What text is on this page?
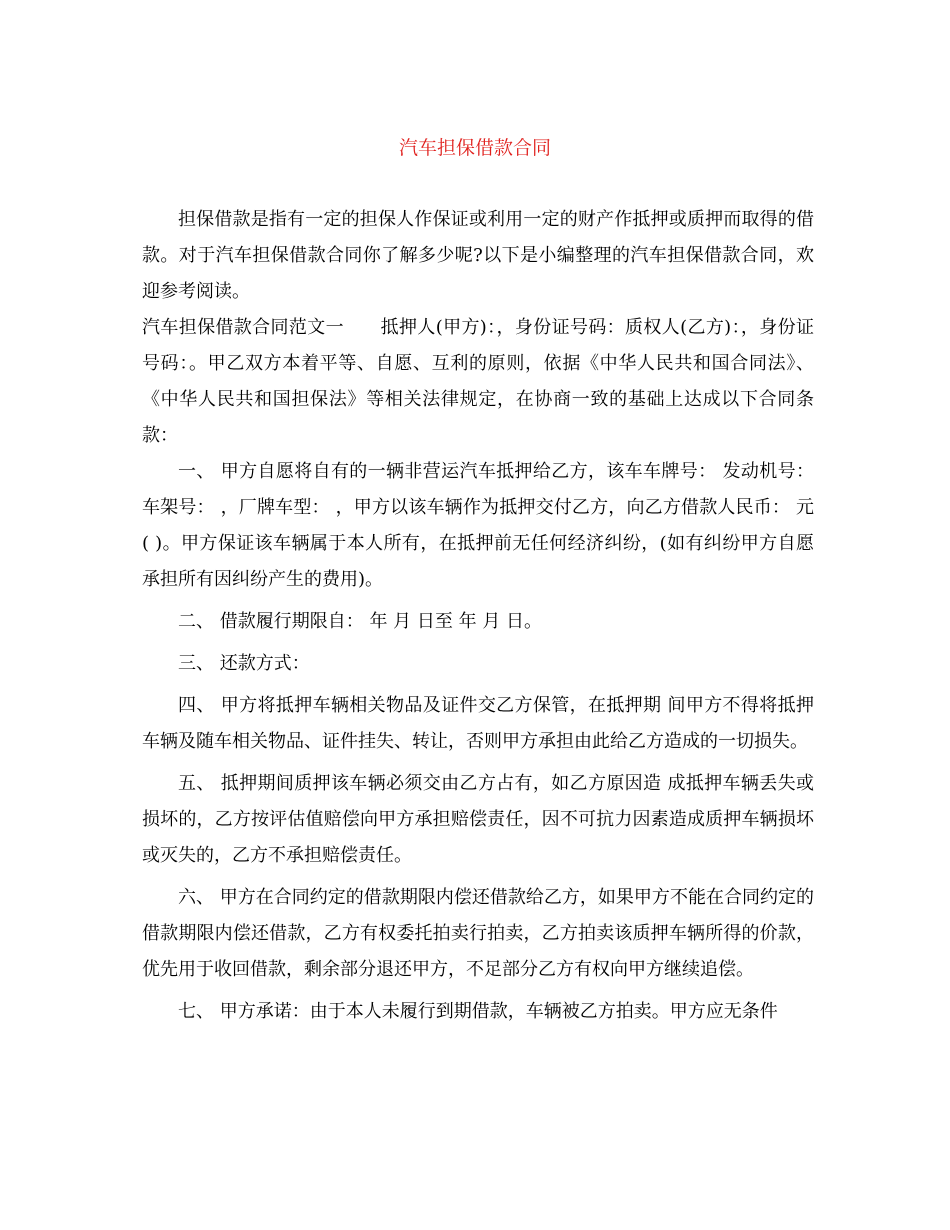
汽车担保借款合同

担保借款是指有一定的担保人作保证或利用一定的财产作抵押或质押而取得的借款。对于汽车担保借款合同你了解多少呢?以下是小编整理的汽车担保借款合同，欢迎参考阅读。

汽车担保借款合同范文一　　抵押人(甲方)：，身份证号码：质权人(乙方)：，身份证号码：。甲乙双方本着平等、自愿、互利的原则，依据《中华人民共和国合同法》、《中华人民共和国担保法》等相关法律规定，在协商一致的基础上达成以下合同条款：

一、 甲方自愿将自有的一辆非营运汽车抵押给乙方，该车车牌号： 发动机号： 车架号： ，厂牌车型： ，甲方以该车辆作为抵押交付乙方，向乙方借款人民币： 元( )。甲方保证该车辆属于本人所有，在抵押前无任何经济纠纷，(如有纠纷甲方自愿承担所有因纠纷产生的费用)。

二、 借款履行期限自： 年 月 日至 年 月 日。

三、 还款方式：

四、 甲方将抵押车辆相关物品及证件交乙方保管，在抵押期 间甲方不得将抵押车辆及随车相关物品、证件挂失、转让，否则甲方承担由此给乙方造成的一切损失。

五、 抵押期间质押该车辆必须交由乙方占有，如乙方原因造 成抵押车辆丢失或损坏的，乙方按评估值赔偿向甲方承担赔偿责任，因不可抗力因素造成质押车辆损坏或灭失的，乙方不承担赔偿责任。

六、 甲方在合同约定的借款期限内偿还借款给乙方，如果甲方不能在合同约定的借款期限内偿还借款，乙方有权委托拍卖行拍卖，乙方拍卖该质押车辆所得的价款，优先用于收回借款，剩余部分退还甲方，不足部分乙方有权向甲方继续追偿。

七、 甲方承诺：由于本人未履行到期借款，车辆被乙方拍卖。甲方应无条件
